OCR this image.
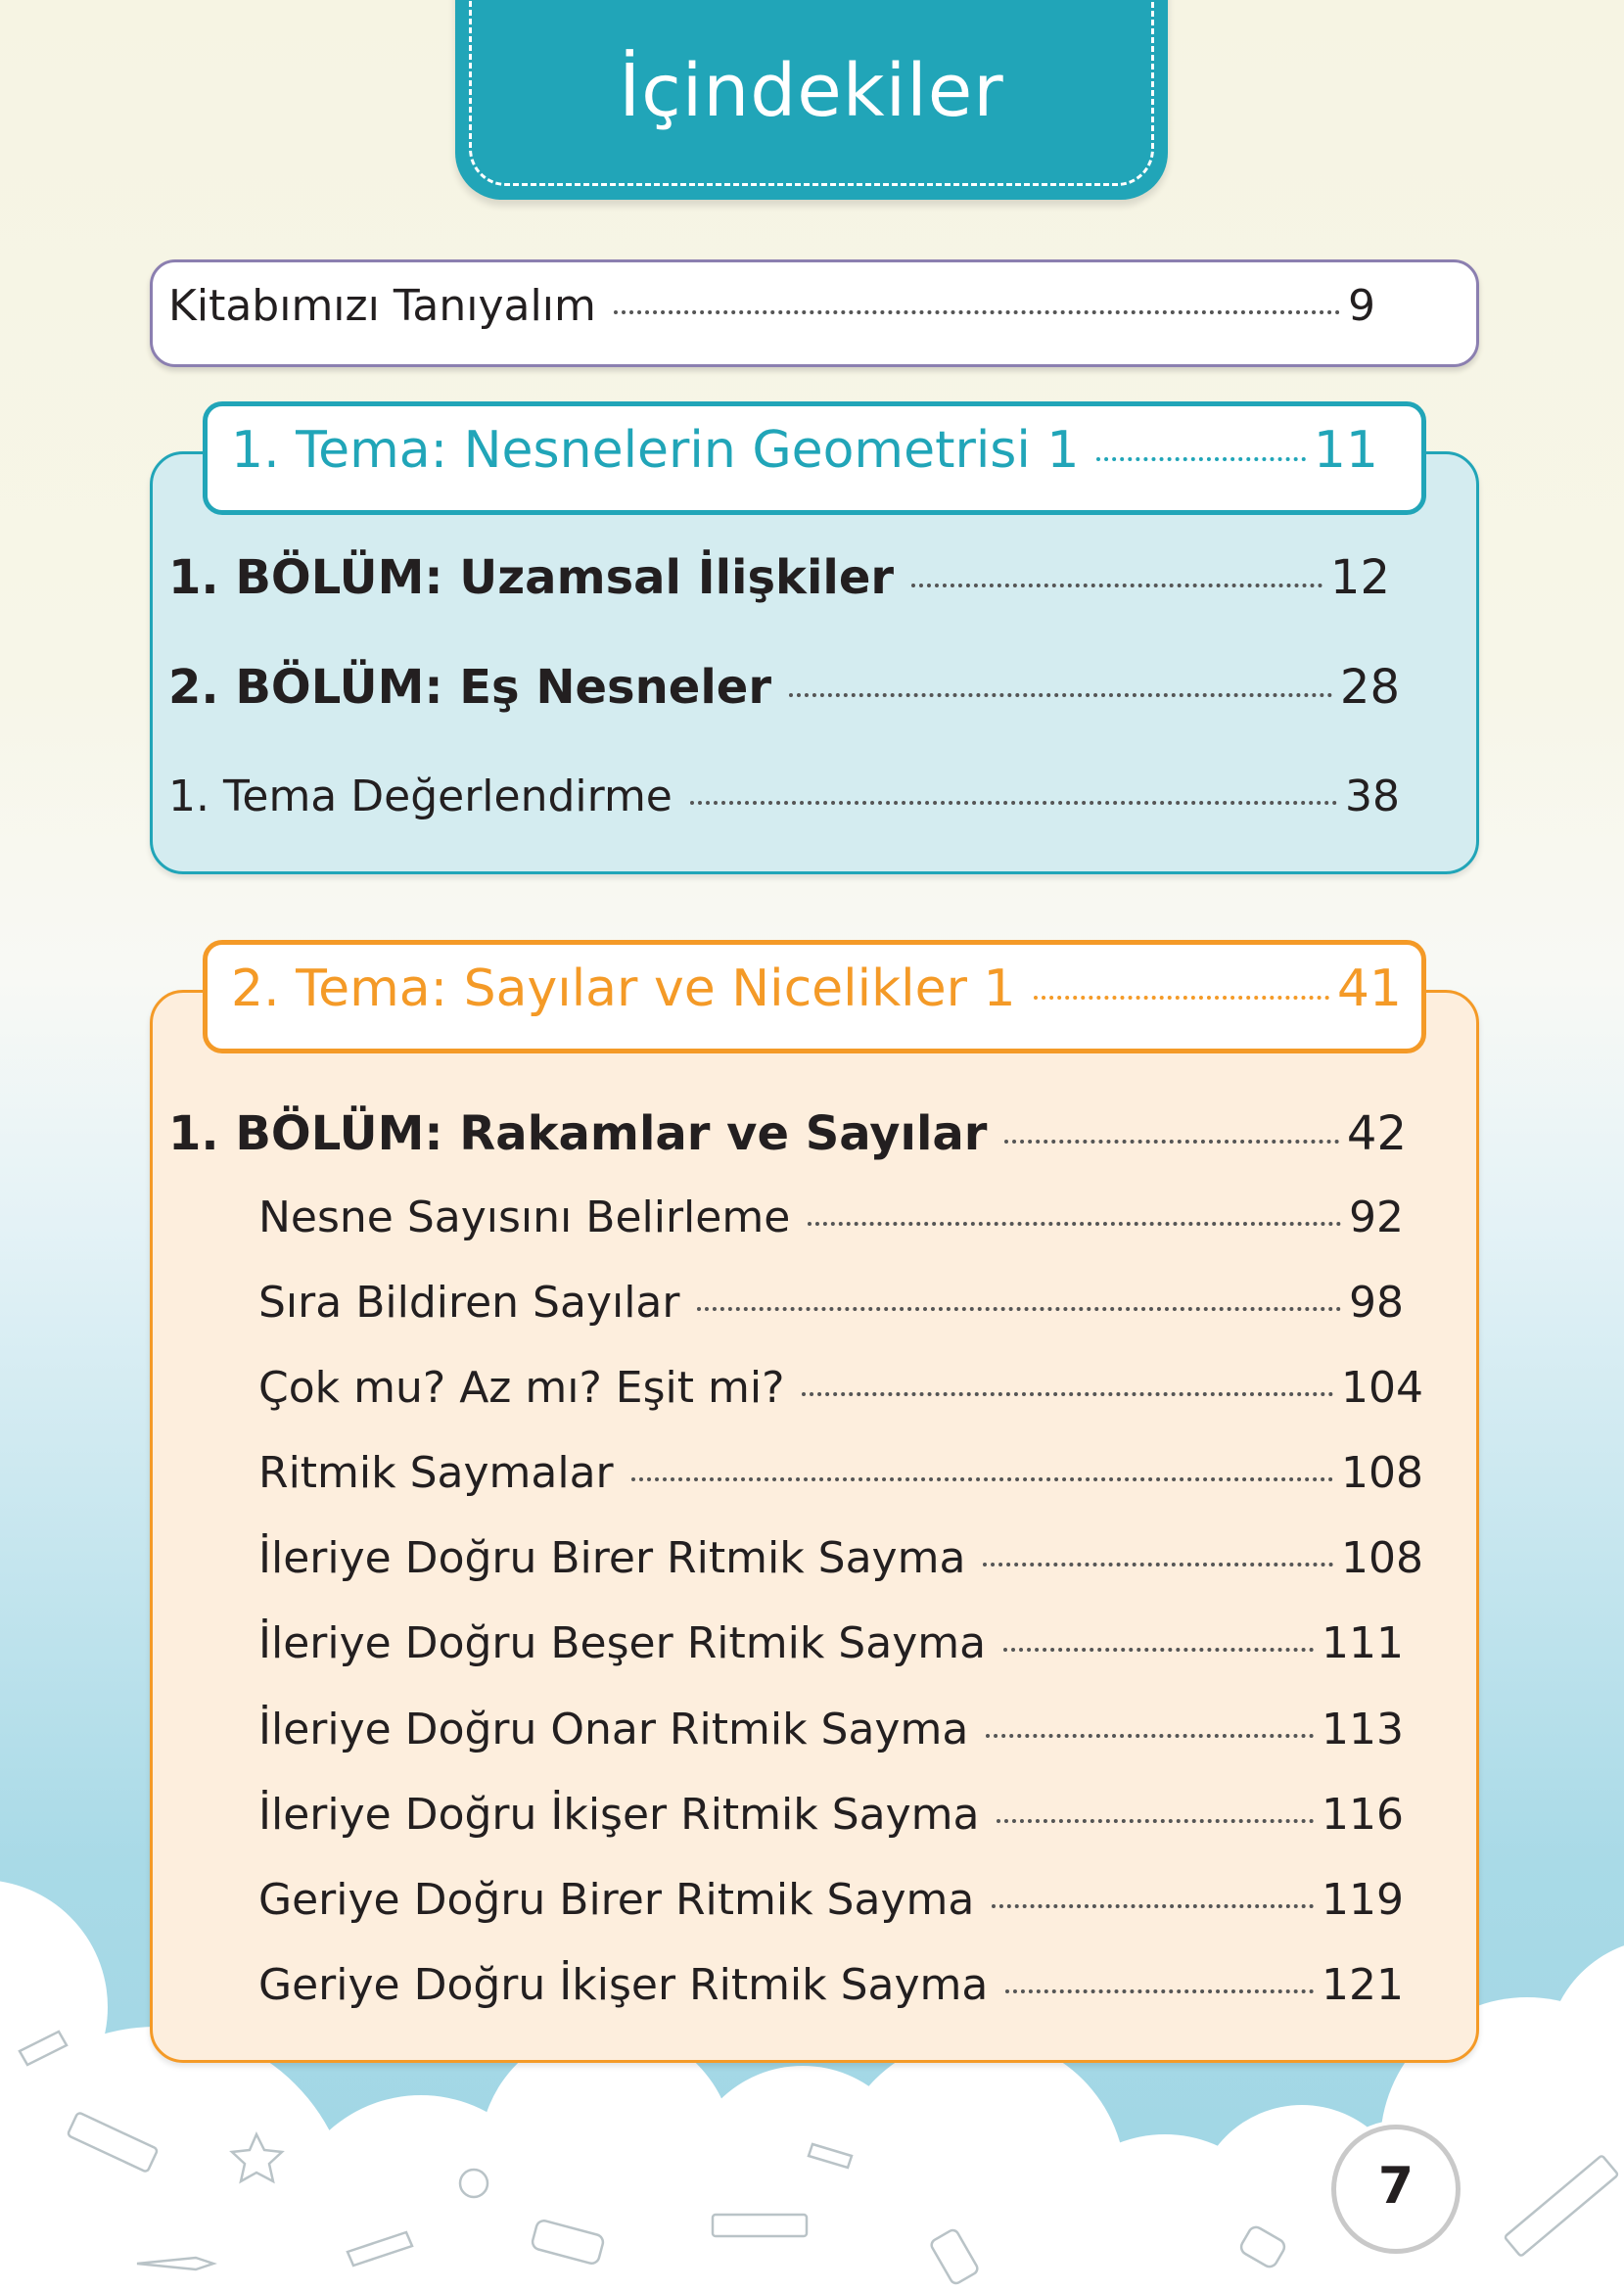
İçindekiler
Kitabımızı Tanıyalım	9
1. Tema: Nesnelerin Geometrisi 1	11
1. BÖLÜM: Uzamsal İlişkiler	12
2. BÖLÜM: Eş Nesneler	28
1. Tema Değerlendirme	38
2. Tema: Sayılar ve Nicelikler 1	41
1. BÖLÜM: Rakamlar ve Sayılar	42
Nesne Sayısını Belirleme	92
Sıra Bildiren Sayılar	98
Çok mu? Az mı? Eşit mi?	104
Ritmik Saymalar	108
İleriye Doğru Birer Ritmik Sayma	108
İleriye Doğru Beşer Ritmik Sayma	111
İleriye Doğru Onar Ritmik Sayma	113
İleriye Doğru İkişer Ritmik Sayma	116
Geriye Doğru Birer Ritmik Sayma	119
Geriye Doğru İkişer Ritmik Sayma	121
7
